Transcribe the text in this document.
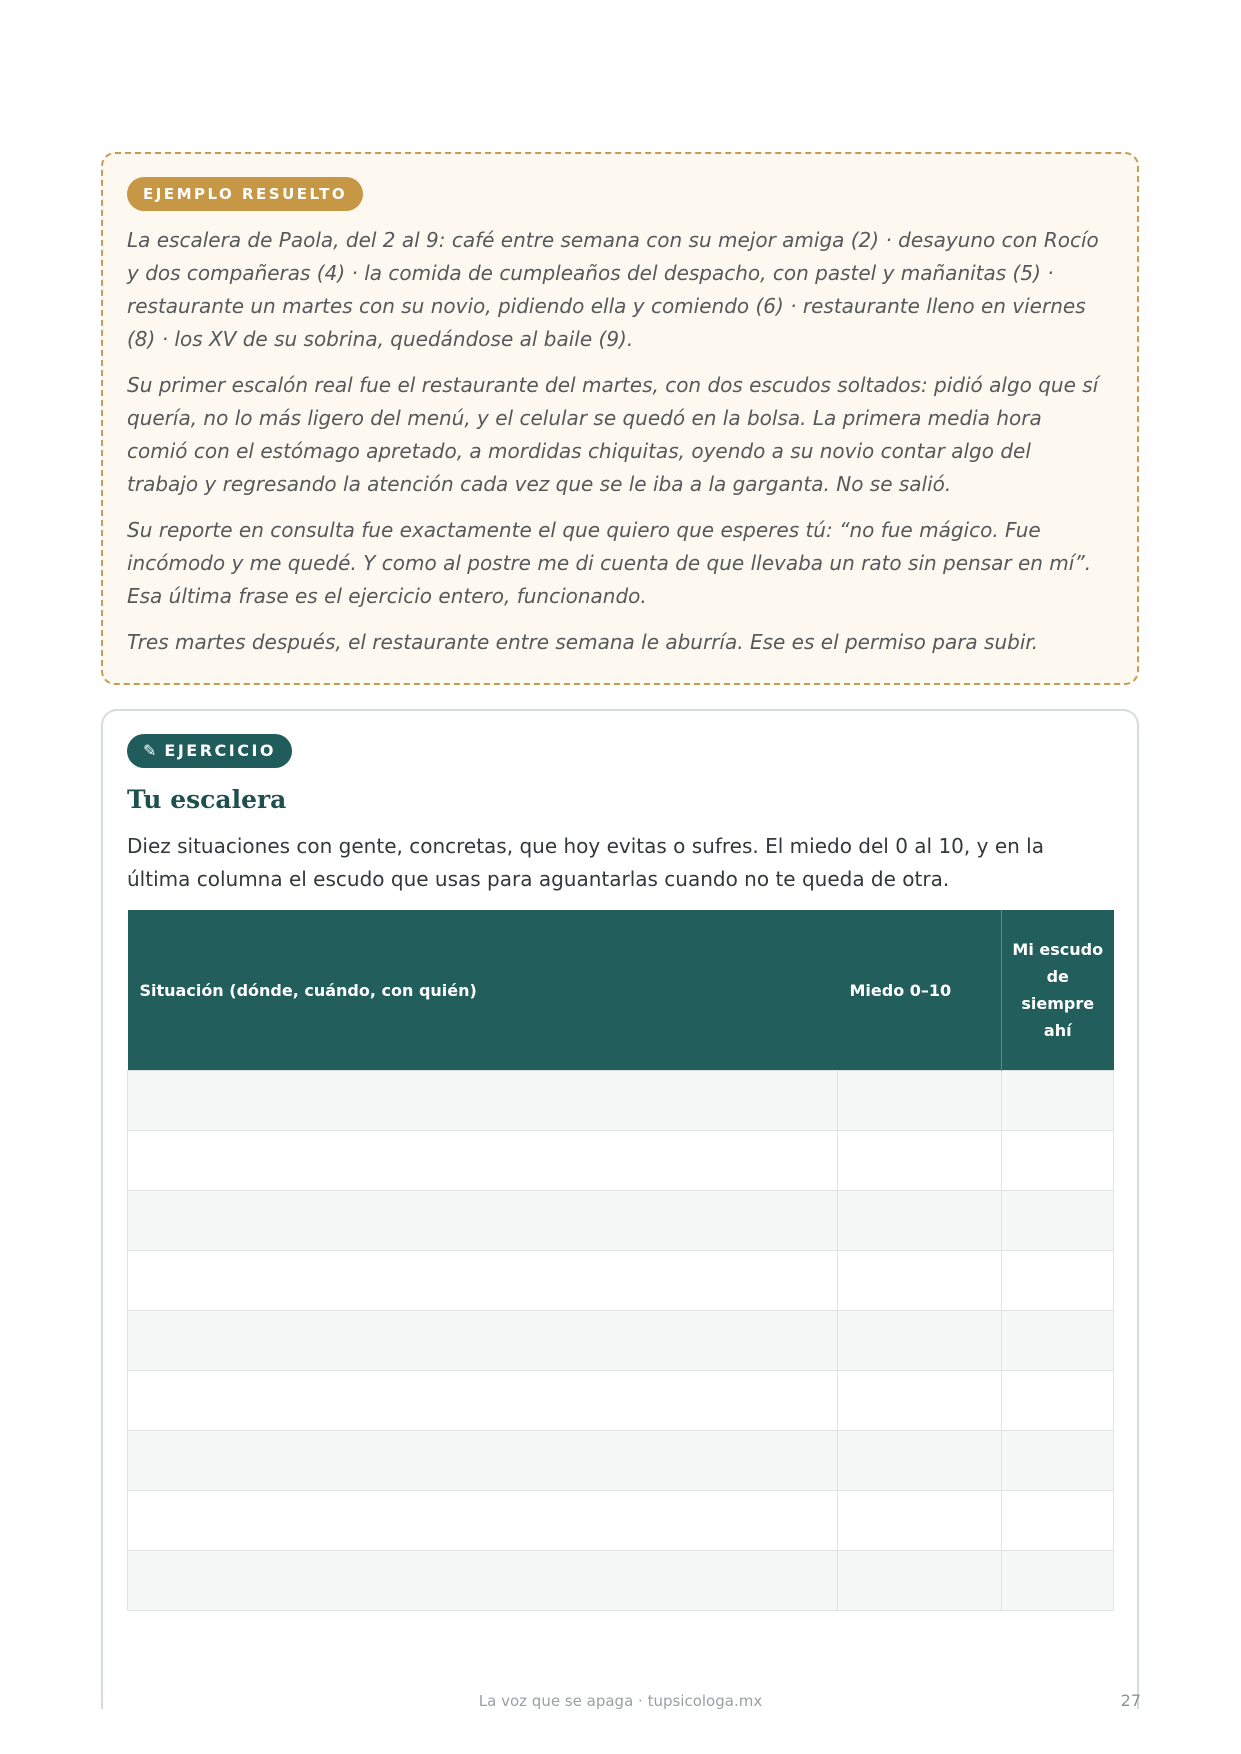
EJEMPLO RESUELTO

La escalera de Paola, del 2 al 9: café entre semana con su mejor amiga (2) · desayuno con Rocío y dos compañeras (4) · la comida de cumpleaños del despacho, con pastel y mañanitas (5) · restaurante un martes con su novio, pidiendo ella y comiendo (6) · restaurante lleno en viernes (8) · los XV de su sobrina, quedándose al baile (9).

Su primer escalón real fue el restaurante del martes, con dos escudos soltados: pidió algo que sí quería, no lo más ligero del menú, y el celular se quedó en la bolsa. La primera media hora comió con el estómago apretado, a mordidas chiquitas, oyendo a su novio contar algo del trabajo y regresando la atención cada vez que se le iba a la garganta. No se salió.

Su reporte en consulta fue exactamente el que quiero que esperes tú: “no fue mágico. Fue incómodo y me quedé. Y como al postre me di cuenta de que llevaba un rato sin pensar en mí”. Esa última frase es el ejercicio entero, funcionando.

Tres martes después, el restaurante entre semana le aburría. Ese es el permiso para subir.

✎ EJERCICIO
Tu escalera
Diez situaciones con gente, concretas, que hoy evitas o sufres. El miedo del 0 al 10, y en la última columna el escudo que usas para aguantarlas cuando no te queda de otra.
Situación (dónde, cuándo, con quién)	Miedo 0–10	Mi escudo de siempre ahí

La voz que se apaga · tupsicologa.mx	27
